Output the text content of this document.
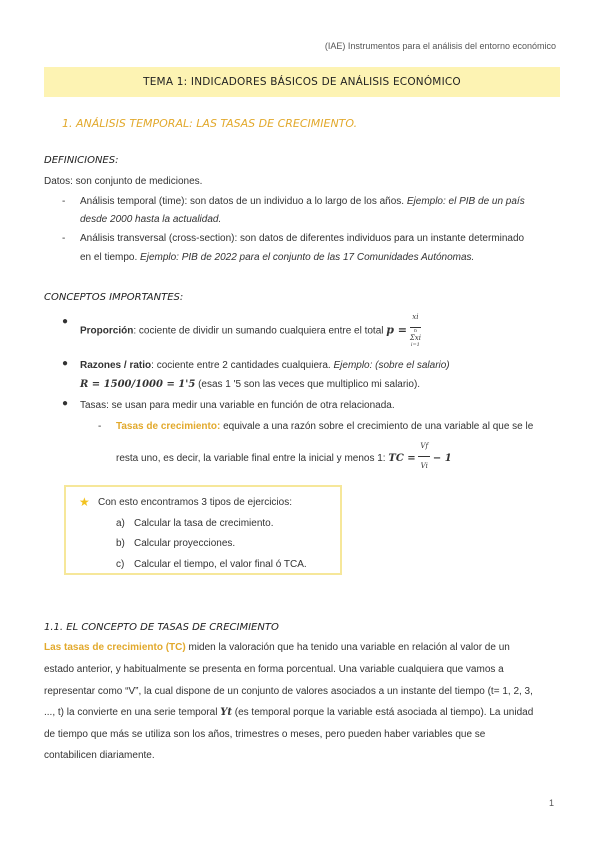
(IAE) Instrumentos para el análisis del entorno económico
TEMA 1: INDICADORES BÁSICOS DE ANÁLISIS ECONÓMICO
1. ANÁLISIS TEMPORAL: LAS TASAS DE CRECIMIENTO.
DEFINICIONES:
Datos: son conjunto de mediciones.
- Análisis temporal (time): son datos de un individuo a lo largo de los años. Ejemplo: el PIB de un país
desde 2000 hasta la actualidad.
- Análisis transversal (cross-section): son datos de diferentes individuos para un instante determinado
en el tiempo. Ejemplo: PIB de 2022 para el conjunto de las 17 Comunidades Autónomas.
CONCEPTOS IMPORTANTES:
●
Proporción: cociente de dividir un sumando cualquiera entre el total p = xi
n
Σxi
i=1
● Razones / ratio: cociente entre 2 cantidades cualquiera. Ejemplo: (sobre el salario)
R = 1500/1000 = 1'5 (esas 1 '5 son las veces que multiplico mi salario).
● Tasas: se usan para medir una variable en función de otra relacionada.
- Tasas de crecimiento: equivale a una razón sobre el crecimiento de una variable al que se le
resta uno, es decir, la variable final entre la inicial y menos 1: TC = $\frac{Vf}{Vi} - 1$
★ Con esto encontramos 3 tipos de ejercicios:
a) Calcular la tasa de crecimiento.
b) Calcular proyecciones.
c) Calcular el tiempo, el valor final ó TCA.
1.1. EL CONCEPTO DE TASAS DE CRECIMIENTO
Las tasas de crecimiento (TC) miden la valoración que ha tenido una variable en relación al valor de un
estado anterior, y habitualmente se presenta en forma porcentual. Una variable cualquiera que vamos a
representar como “V”, la cual dispone de un conjunto de valores asociados a un instante del tiempo (t= 1, 2, 3,
..., t) la convierte en una serie temporal Yt (es temporal porque la variable está asociada al tiempo). La unidad
de tiempo que más se utiliza son los años, trimestres o meses, pero pueden haber variables que se
contabilicen diariamente.
1
